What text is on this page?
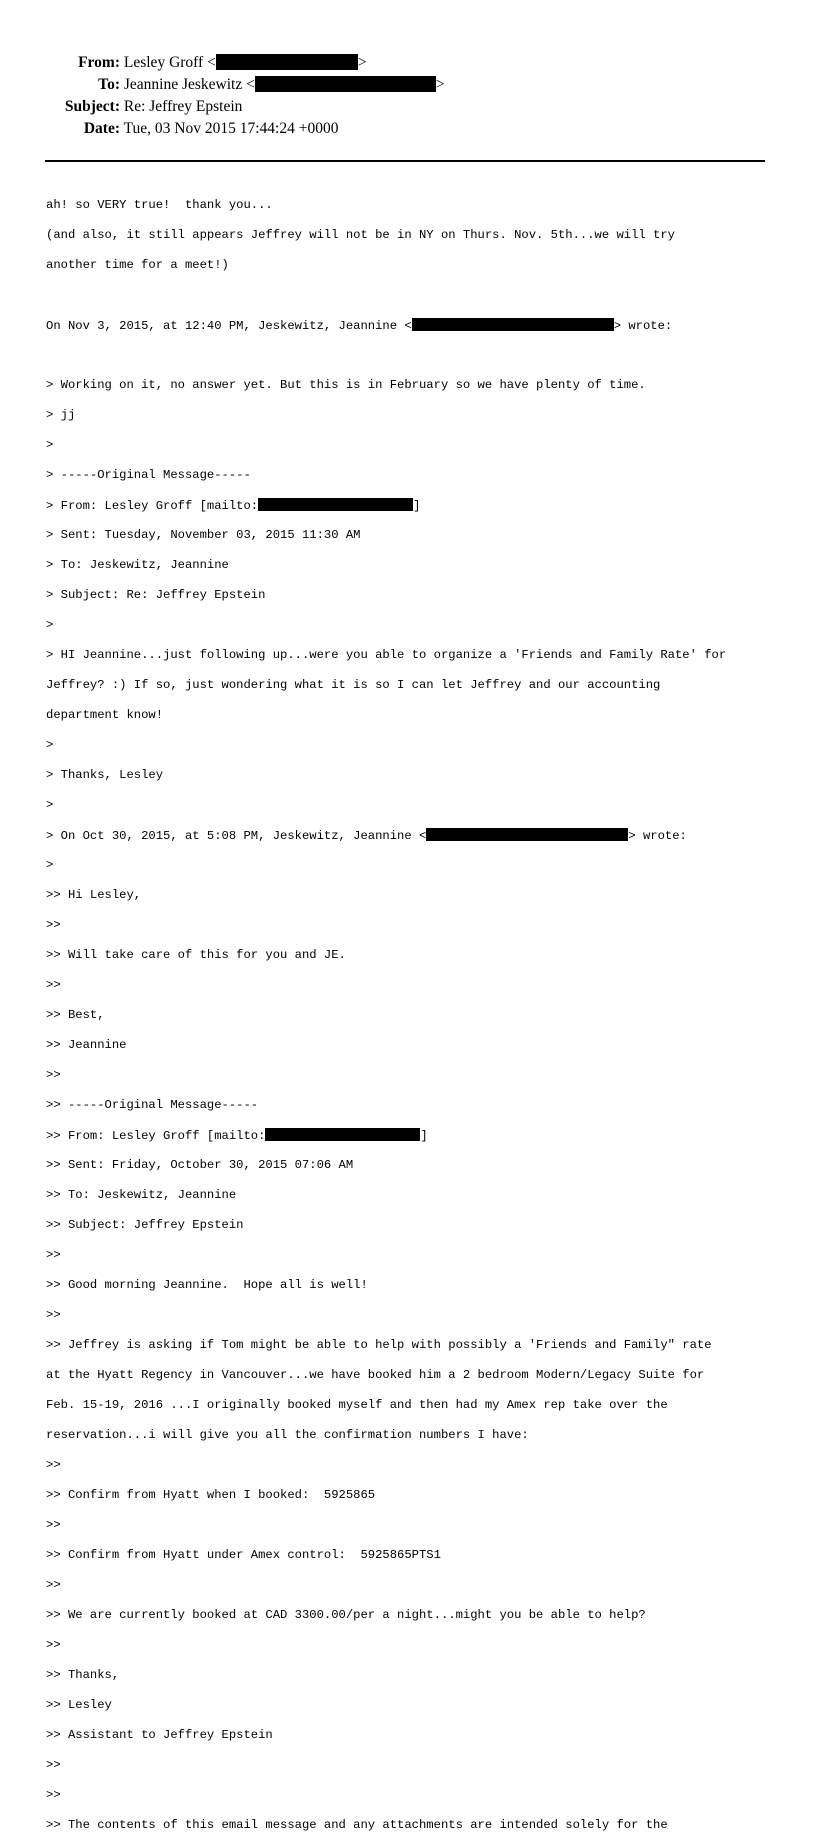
From: Lesley Groff <	>
To: Jeannine Jeskewitz <	>
Subject: Re: Jeffrey Epstein
Date: Tue, 03 Nov 2015 17:44:24 +0000

ah! so VERY true!  thank you...

(and also, it still appears Jeffrey will not be in NY on Thurs. Nov. 5th...we will try

another time for a meet!)

On Nov 3, 2015, at 12:40 PM, Jeskewitz, Jeannine <	> wrote:

> Working on it, no answer yet. But this is in February so we have plenty of time.

> jj

>

> -----Original Message-----

> From: Lesley Groff [mailto:	]

> Sent: Tuesday, November 03, 2015 11:30 AM

> To: Jeskewitz, Jeannine

> Subject: Re: Jeffrey Epstein

>

> HI Jeannine...just following up...were you able to organize a 'Friends and Family Rate' for

Jeffrey? :) If so, just wondering what it is so I can let Jeffrey and our accounting

department know!

>

> Thanks, Lesley

>

> On Oct 30, 2015, at 5:08 PM, Jeskewitz, Jeannine <	> wrote:

>

>> Hi Lesley,

>>

>> Will take care of this for you and JE.

>>

>> Best,

>> Jeannine

>>

>> -----Original Message-----

>> From: Lesley Groff [mailto:	]

>> Sent: Friday, October 30, 2015 07:06 AM

>> To: Jeskewitz, Jeannine

>> Subject: Jeffrey Epstein

>>

>> Good morning Jeannine.  Hope all is well!

>>

>> Jeffrey is asking if Tom might be able to help with possibly a 'Friends and Family" rate

at the Hyatt Regency in Vancouver...we have booked him a 2 bedroom Modern/Legacy Suite for

Feb. 15-19, 2016 ...I originally booked myself and then had my Amex rep take over the

reservation...i will give you all the confirmation numbers I have:

>>

>> Confirm from Hyatt when I booked:  5925865

>>

>> Confirm from Hyatt under Amex control:  5925865PTS1

>>

>> We are currently booked at CAD 3300.00/per a night...might you be able to help?

>>

>> Thanks,

>> Lesley

>> Assistant to Jeffrey Epstein

>>

>>

>> The contents of this email message and any attachments are intended solely for the
